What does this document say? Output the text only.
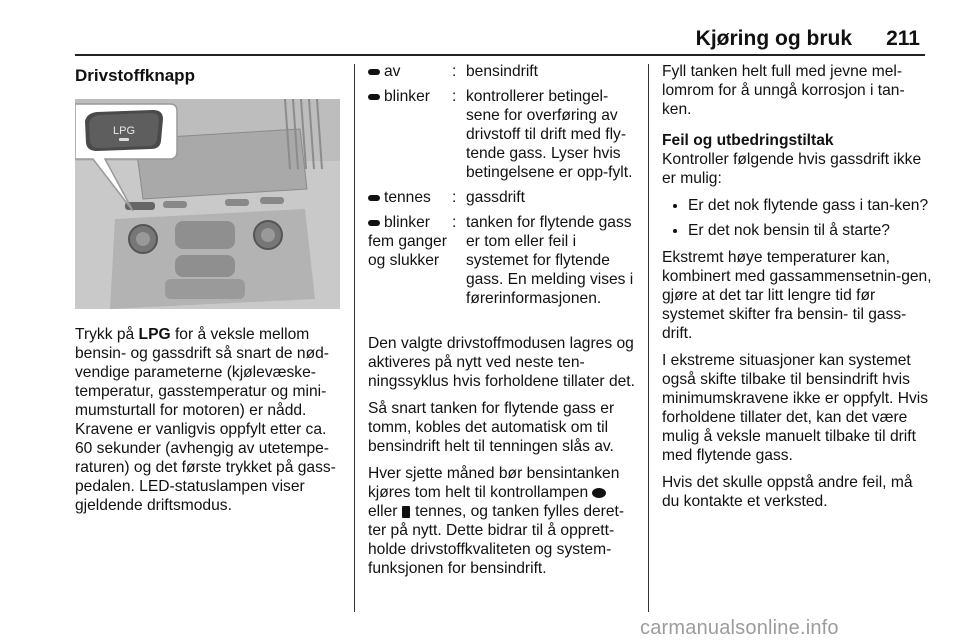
Kjøring og bruk 211
Drivstoffknapp
LPG

Trykk på LPG for å veksle mellom bensin- og gassdrift så snart de nød-vendige parameterne (kjølevæske-temperatur, gasstemperatur og mini-mumsturtall for motoren) er nådd. Kravene er vanligvis oppfylt etter ca. 60 sekunder (avhengig av utetempe-raturen) og det første trykket på gass-pedalen. LED-statuslampen viser gjeldende driftsmodus.

av	:	bensindrift
blinker	:	kontrollerer betingel-sene for overføring av drivstoff til drift med fly-tende gass. Lyser hvis betingelsene er opp-fylt.
tennes	:	gassdrift
blinker fem ganger og slukker	:	tanken for flytende gass er tom eller feil i systemet for flytende gass. En melding vises i førerinformasjonen.

Den valgte drivstoffmodusen lagres og aktiveres på nytt ved neste ten-ningssyklus hvis forholdene tillater det.

Så snart tanken for flytende gass er tomm, kobles det automatisk om til bensindrift helt til tenningen slås av.

Hver sjette måned bør bensintanken kjøres tom helt til kontrollampen  eller  tennes, og tanken fylles deret-ter på nytt. Dette bidrar til å opprett-holde drivstoffkvaliteten og system-funksjonen for bensindrift.

Fyll tanken helt full med jevne mel-lomrom for å unngå korrosjon i tan-ken.

Feil og utbedringstiltak

Kontroller følgende hvis gassdrift ikke er mulig:

• Er det nok flytende gass i tan-ken?
• Er det nok bensin til å starte?

Ekstremt høye temperaturer kan, kombinert med gassammensetnin-gen, gjøre at det tar litt lengre tid før systemet skifter fra bensin- til gass-drift.

I ekstreme situasjoner kan systemet også skifte tilbake til bensindrift hvis minimumskravene ikke er oppfylt. Hvis forholdene tillater det, kan det være mulig å veksle manuelt tilbake til drift med flytende gass.

Hvis det skulle oppstå andre feil, må du kontakte et verksted.

carmanualsonline.info
